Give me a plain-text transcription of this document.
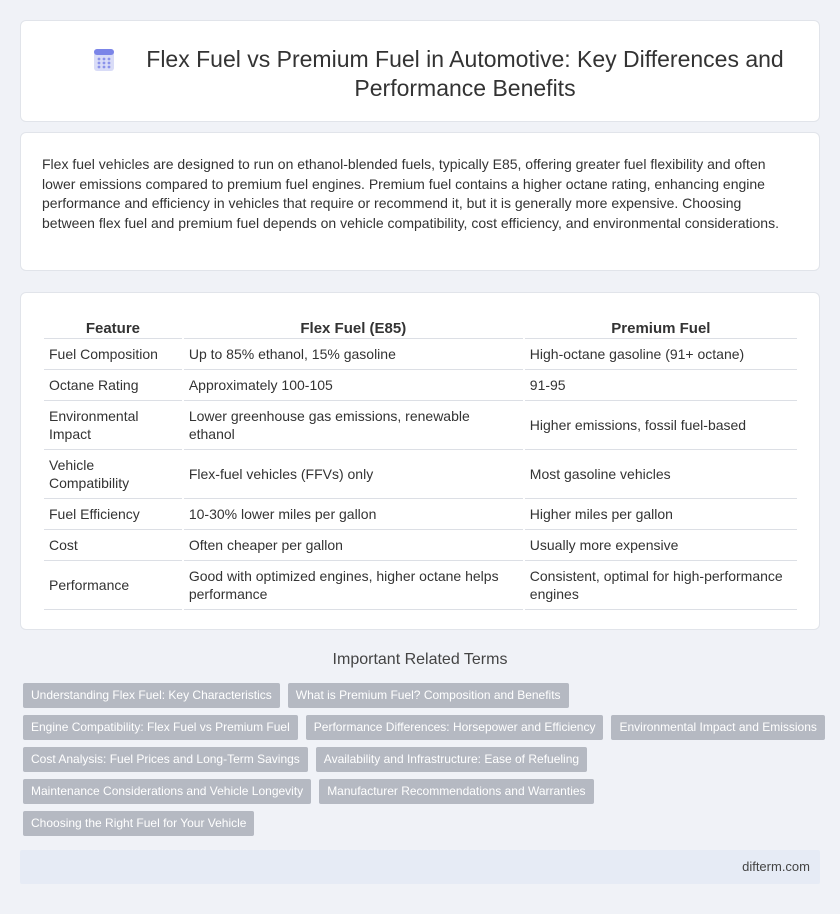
Flex Fuel vs Premium Fuel in Automotive: Key Differences and Performance Benefits

Flex fuel vehicles are designed to run on ethanol-blended fuels, typically E85, offering greater fuel flexibility and often lower emissions compared to premium fuel engines. Premium fuel contains a higher octane rating, enhancing engine performance and efficiency in vehicles that require or recommend it, but it is generally more expensive. Choosing between flex fuel and premium fuel depends on vehicle compatibility, cost efficiency, and environmental considerations.

Feature	Flex Fuel (E85)	Premium Fuel
Fuel Composition	Up to 85% ethanol, 15% gasoline	High-octane gasoline (91+ octane)
Octane Rating	Approximately 100-105	91-95
Environmental Impact	Lower greenhouse gas emissions, renewable ethanol	Higher emissions, fossil fuel-based
Vehicle Compatibility	Flex-fuel vehicles (FFVs) only	Most gasoline vehicles
Fuel Efficiency	10-30% lower miles per gallon	Higher miles per gallon
Cost	Often cheaper per gallon	Usually more expensive
Performance	Good with optimized engines, higher octane helps performance	Consistent, optimal for high-performance engines
Important Related Terms
Understanding Flex Fuel: Key Characteristics	What is Premium Fuel? Composition and Benefits
Engine Compatibility: Flex Fuel vs Premium Fuel	Performance Differences: Horsepower and Efficiency	Environmental Impact and Emissions
Cost Analysis: Fuel Prices and Long-Term Savings	Availability and Infrastructure: Ease of Refueling
Maintenance Considerations and Vehicle Longevity	Manufacturer Recommendations and Warranties
Choosing the Right Fuel for Your Vehicle
difterm.com
